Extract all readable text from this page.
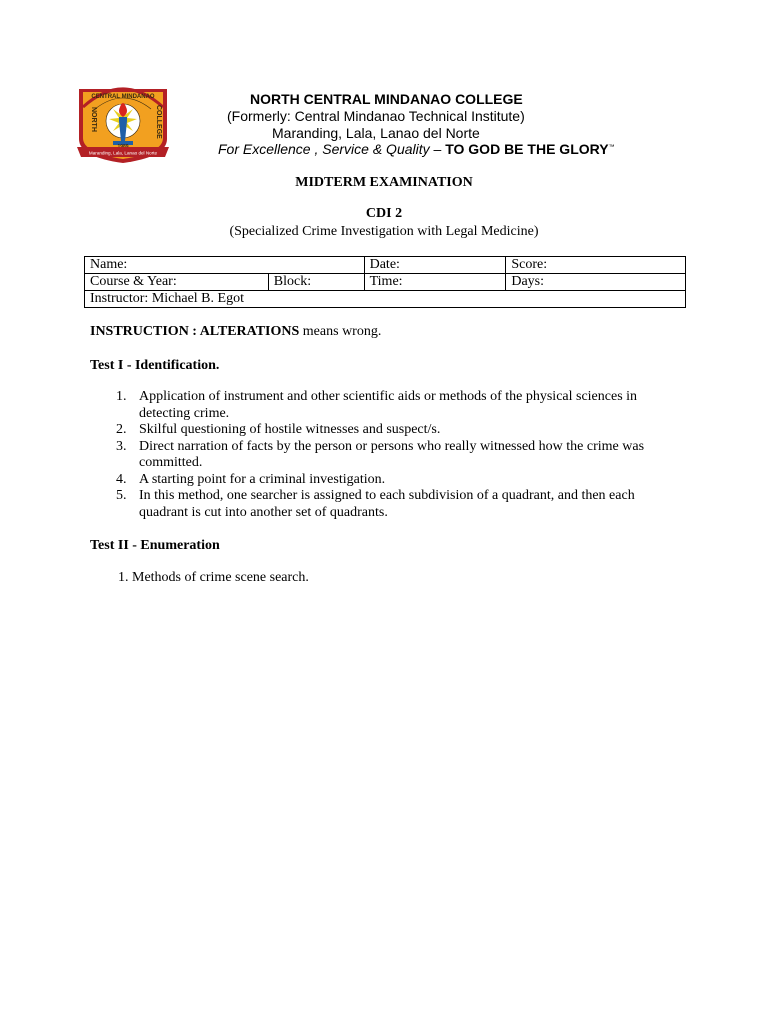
CENTRAL MINDANAO
NORTH	COLLEGE
Maranding, Lala, Lanao del Norte
NORTH CENTRAL MINDANAO COLLEGE
(Formerly: Central Mindanao Technical Institute)
Maranding, Lala, Lanao del Norte
For Excellence , Service & Quality – TO GOD BE THE GLORY™
MIDTERM EXAMINATION
CDI 2
(Specialized Crime Investigation with Legal Medicine)
Name:		Date:	Score:
Course & Year:	Block:	Time:	Days:
Instructor: Michael B. Egot			
INSTRUCTION : ALTERATIONS means wrong.
Test I - Identification.
1. Application of instrument and other scientific aids or methods of the physical sciences in detecting crime.
2. Skilful questioning of hostile witnesses and suspect/s.
3. Direct narration of facts by the person or persons who really witnessed how the crime was committed.
4. A starting point for a criminal investigation.
5. In this method, one searcher is assigned to each subdivision of a quadrant, and then each quadrant is cut into another set of quadrants.
Test II - Enumeration
1. Methods of crime scene search.
